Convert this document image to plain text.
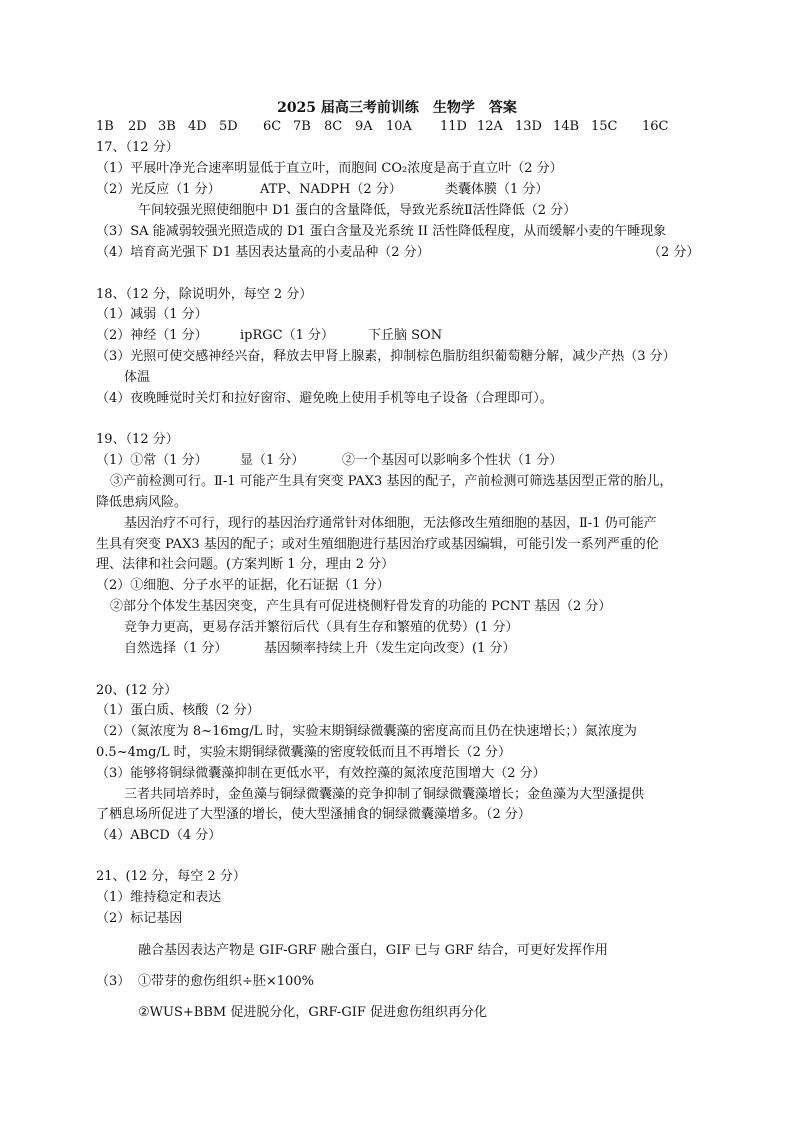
2025 届高三考前训练　生物学　答案
1B 2D 3B 4D 5D 6C 7B 8C 9A 10A 11D 12A 13D 14B 15C 16C
17、（12 分）
（1）平展叶净光合速率明显低于直立叶，而胞间 CO₂浓度是高于直立叶（2 分）
（2）光反应（1 分）	ATP、NADPH（2 分）	类囊体膜（1 分）
午间较强光照使细胞中 D1 蛋白的含量降低，导致光系统Ⅱ活性降低（2 分）
（3）SA 能减弱较强光照造成的 D1 蛋白含量及光系统 II 活性降低程度，从而缓解小麦的午睡现象
（4）培育高光强下 D1 基因表达量高的小麦品种（2 分）	（2 分）
18、（12 分，除说明外，每空 2 分）
（1）减弱（1 分）
（2）神经（1 分） ipRGC（1 分）	下丘脑 SON
（3）光照可使交感神经兴奋，释放去甲肾上腺素，抑制棕色脂肪组织葡萄糖分解，减少产热（3 分）
体温
（4）夜晚睡觉时关灯和拉好窗帘、避免晚上使用手机等电子设备（合理即可）。
19、（12 分）
（1）①常（1 分） 显（1 分）	②一个基因可以影响多个性状（1 分）
③产前检测可行。Ⅱ-1 可能产生具有突变 PAX3 基因的配子，产前检测可筛选基因型正常的胎儿，
降低患病风险。
基因治疗不可行，现行的基因治疗通常针对体细胞，无法修改生殖细胞的基因，Ⅱ-1 仍可能产
生具有突变 PAX3 基因的配子；或对生殖细胞进行基因治疗或基因编辑，可能引发一系列严重的伦
理、法律和社会问题。(方案判断 1 分，理由 2 分）
（2）①细胞、分子水平的证据，化石证据（1 分）
②部分个体发生基因突变，产生具有可促进桡侧籽骨发育的功能的 PCNT 基因（2 分）
竞争力更高，更易存活并繁衍后代（具有生存和繁殖的优势）(1 分）
自然选择（1 分）	基因频率持续上升（发生定向改变）(1 分）
20、(12 分）
（1）蛋白质、核酸（2 分）
（2）（氮浓度为 8~16mg/L 时，实验末期铜绿微囊藻的密度高而且仍在快速增长；）氮浓度为
0.5~4mg/L 时，实验末期铜绿微囊藻的密度较低而且不再增长（2 分）
（3）能够将铜绿微囊藻抑制在更低水平，有效控藻的氮浓度范围增大（2 分）
三者共同培养时，金鱼藻与铜绿微囊藻的竞争抑制了铜绿微囊藻增长；金鱼藻为大型溞提供
了栖息场所促进了大型溞的增长，使大型溞捕食的铜绿微囊藻增多。（2 分）
（4）ABCD（4 分）
21、(12 分，每空 2 分）
（1）维持稳定和表达
（2）标记基因
融合基因表达产物是 GIF-GRF 融合蛋白，GIF 已与 GRF 结合，可更好发挥作用
（3） ①带芽的愈伤组织÷胚×100%
②WUS+BBM 促进脱分化，GRF-GIF 促进愈伤组织再分化
